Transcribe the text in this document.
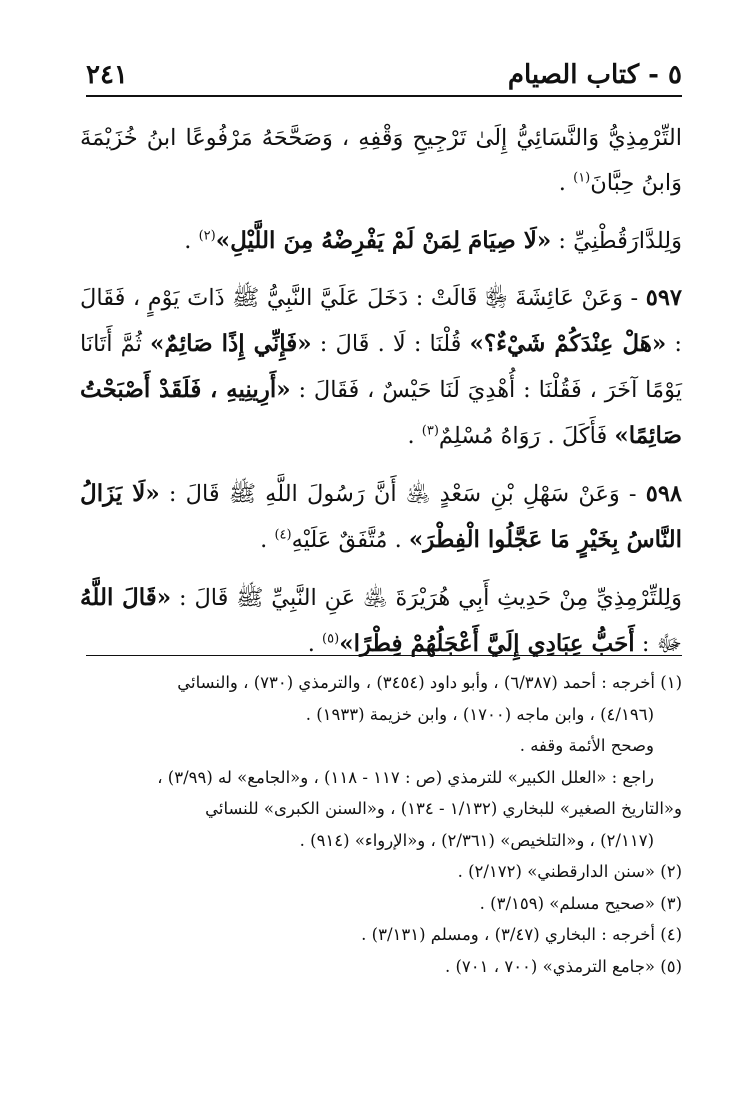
٥ - كتاب الصيام
٢٤١

التِّرْمِذِيُّ وَالنَّسَائِيُّ إِلَىٰ تَرْجِيحِ وَقْفِهِ ، وَصَحَّحَهُ مَرْفُوعًا ابنُ خُزَيْمَةَ وَابنُ حِبَّانَ$^{(١)}$ .

وَلِلدَّارَقُطْنِيِّ : «لَا صِيَامَ لِمَنْ لَمْ يَفْرِضْهُ مِنَ اللَّيْلِ»$^{(٢)}$ .

٥٩٧ - وَعَنْ عَائِشَةَ ﵂ قَالَتْ : دَخَلَ عَلَيَّ النَّبِيُّ ﷺ ذَاتَ يَوْمٍ ، فَقَالَ : «هَلْ عِنْدَكُمْ شَيْءٌ؟» قُلْنَا : لَا . قَالَ : «فَإِنِّي إِذًا صَائِمٌ» ثُمَّ أَتَانَا يَوْمًا آخَرَ ، فَقُلْنَا : أُهْدِيَ لَنَا حَيْسٌ ، فَقَالَ : «أَرِينِيهِ ، فَلَقَدْ أَصْبَحْتُ صَائِمًا» فَأَكَلَ . رَوَاهُ مُسْلِمٌ$^{(٣)}$ .

٥٩٨ - وَعَنْ سَهْلِ بْنِ سَعْدٍ ﵁ أَنَّ رَسُولَ اللَّهِ ﷺ قَالَ : «لَا يَزَالُ النَّاسُ بِخَيْرٍ مَا عَجَّلُوا الْفِطْرَ» . مُتَّفَقٌ عَلَيْهِ$^{(٤)}$ .

وَلِلتِّرْمِذِيِّ مِنْ حَدِيثِ أَبِي هُرَيْرَةَ ﵁ عَنِ النَّبِيِّ ﷺ قَالَ : «قَالَ اللَّهُ ﷻ : أَحَبُّ عِبَادِي إِلَيَّ أَعْجَلُهُمْ فِطْرًا»$^{(٥)}$ .

(١) أخرجه : أحمد (٦/٣٨٧) ، وأبو داود (٣٤٥٤) ، والترمذي (٧٣٠) ، والنسائي

(٤/١٩٦) ، وابن ماجه (١٧٠٠) ، وابن خزيمة (١٩٣٣) .

وصحح الأئمة وقفه .

راجع : «العلل الكبير» للترمذي (ص : ١١٧ - ١١٨) ، و«الجامع» له (٣/٩٩) ،

و«التاريخ الصغير» للبخاري (١/١٣٢ - ١٣٤) ، و«السنن الكبرى» للنسائي

(٢/١١٧) ، و«التلخيص» (٢/٣٦١) ، و«الإرواء» (٩١٤) .

(٢) «سنن الدارقطني» (٢/١٧٢) .

(٣) «صحيح مسلم» (٣/١٥٩) .

(٤) أخرجه : البخاري (٣/٤٧) ، ومسلم (٣/١٣١) .

(٥) «جامع الترمذي» (٧٠٠ ، ٧٠١) .
